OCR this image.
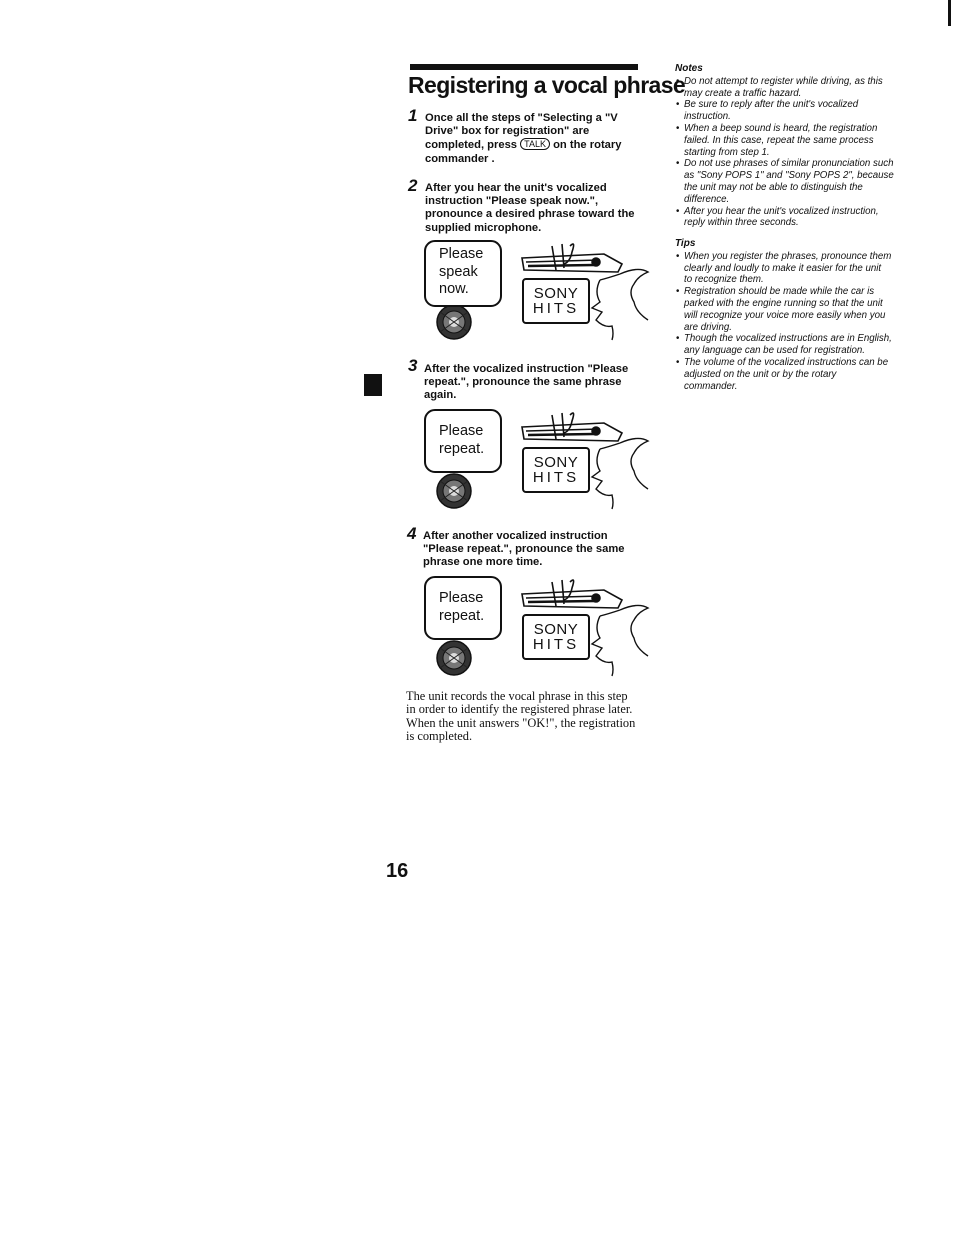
Registering a vocal phrase
1 Once all the steps of "Selecting a "V
Drive" box for registration" are
completed, press TALK on the rotary
commander .
2 After you hear the unit's vocalized
instruction "Please speak now.",
pronounce a desired phrase toward the
supplied microphone.
Please
speak
now.	SONY
HITS
3 After the vocalized instruction "Please
repeat.", pronounce the same phrase
again.
Please
repeat.
SONY
HITS
4 After another vocalized instruction
"Please repeat.", pronounce the same
phrase one more time.
Please
repeat.
SONY
HITS
The unit records the vocal phrase in this step
in order to identify the registered phrase later.
When the unit answers "OK!", the registration
is completed.
Notes
• Do not attempt to register while driving, as this
may create a traffic hazard.
• Be sure to reply after the unit's vocalized
instruction.
• When a beep sound is heard, the registration
failed. In this case, repeat the same process
starting from step 1.
• Do not use phrases of similar pronunciation such
as "Sony POPS 1" and "Sony POPS 2", because
the unit may not be able to distinguish the
difference.
• After you hear the unit's vocalized instruction,
reply within three seconds.
Tips
• When you register the phrases, pronounce them
clearly and loudly to make it easier for the unit
to recognize them.
• Registration should be made while the car is
parked with the engine running so that the unit
will recognize your voice more easily when you
are driving.
• Though the vocalized instructions are in English,
any language can be used for registration.
• The volume of the vocalized instructions can be
adjusted on the unit or by the rotary
commander.
16
